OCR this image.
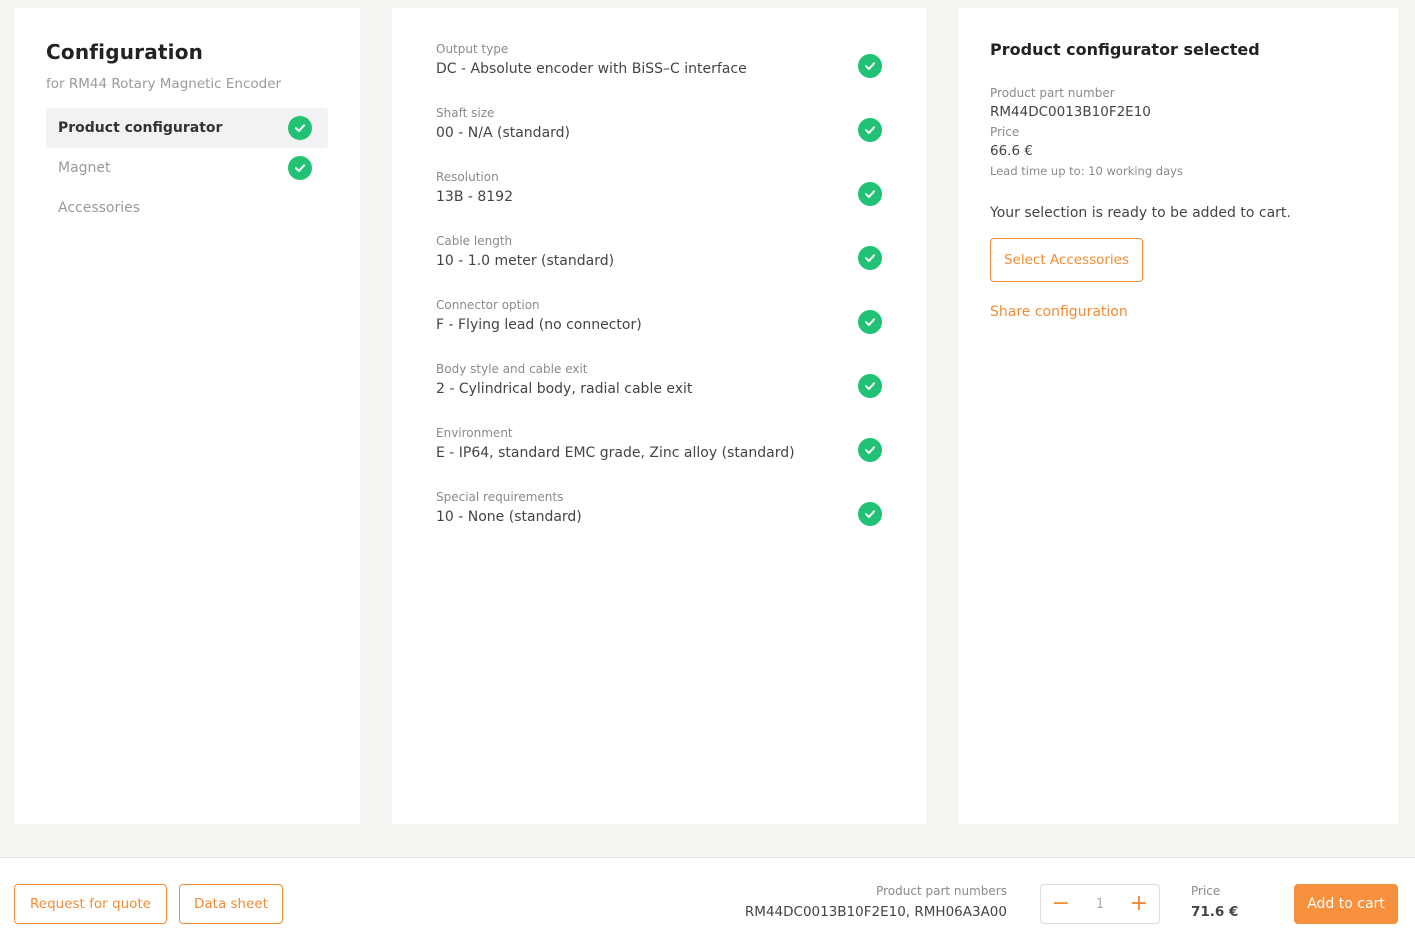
Configuration
for RM44 Rotary Magnetic Encoder
Product configurator
Magnet
Accessories
Output type
DC - Absolute encoder with BiSS–C interface
Shaft size
00 - N/A (standard)
Resolution
13B - 8192
Cable length
10 - 1.0 meter (standard)
Connector option
F - Flying lead (no connector)
Body style and cable exit
2 - Cylindrical body, radial cable exit
Environment
E - IP64, standard EMC grade, Zinc alloy (standard)
Special requirements
10 - None (standard)
Product configurator selected
Product part number
RM44DC0013B10F2E10
Price
66.6 €
Lead time up to: 10 working days
Your selection is ready to be added to cart.
Select Accessories
Share configuration
Request for quote	Data sheet
Product part numbers
RM44DC0013B10F2E10, RMH06A3A00	−
1	+	Price
71.6 €	Add to cart
